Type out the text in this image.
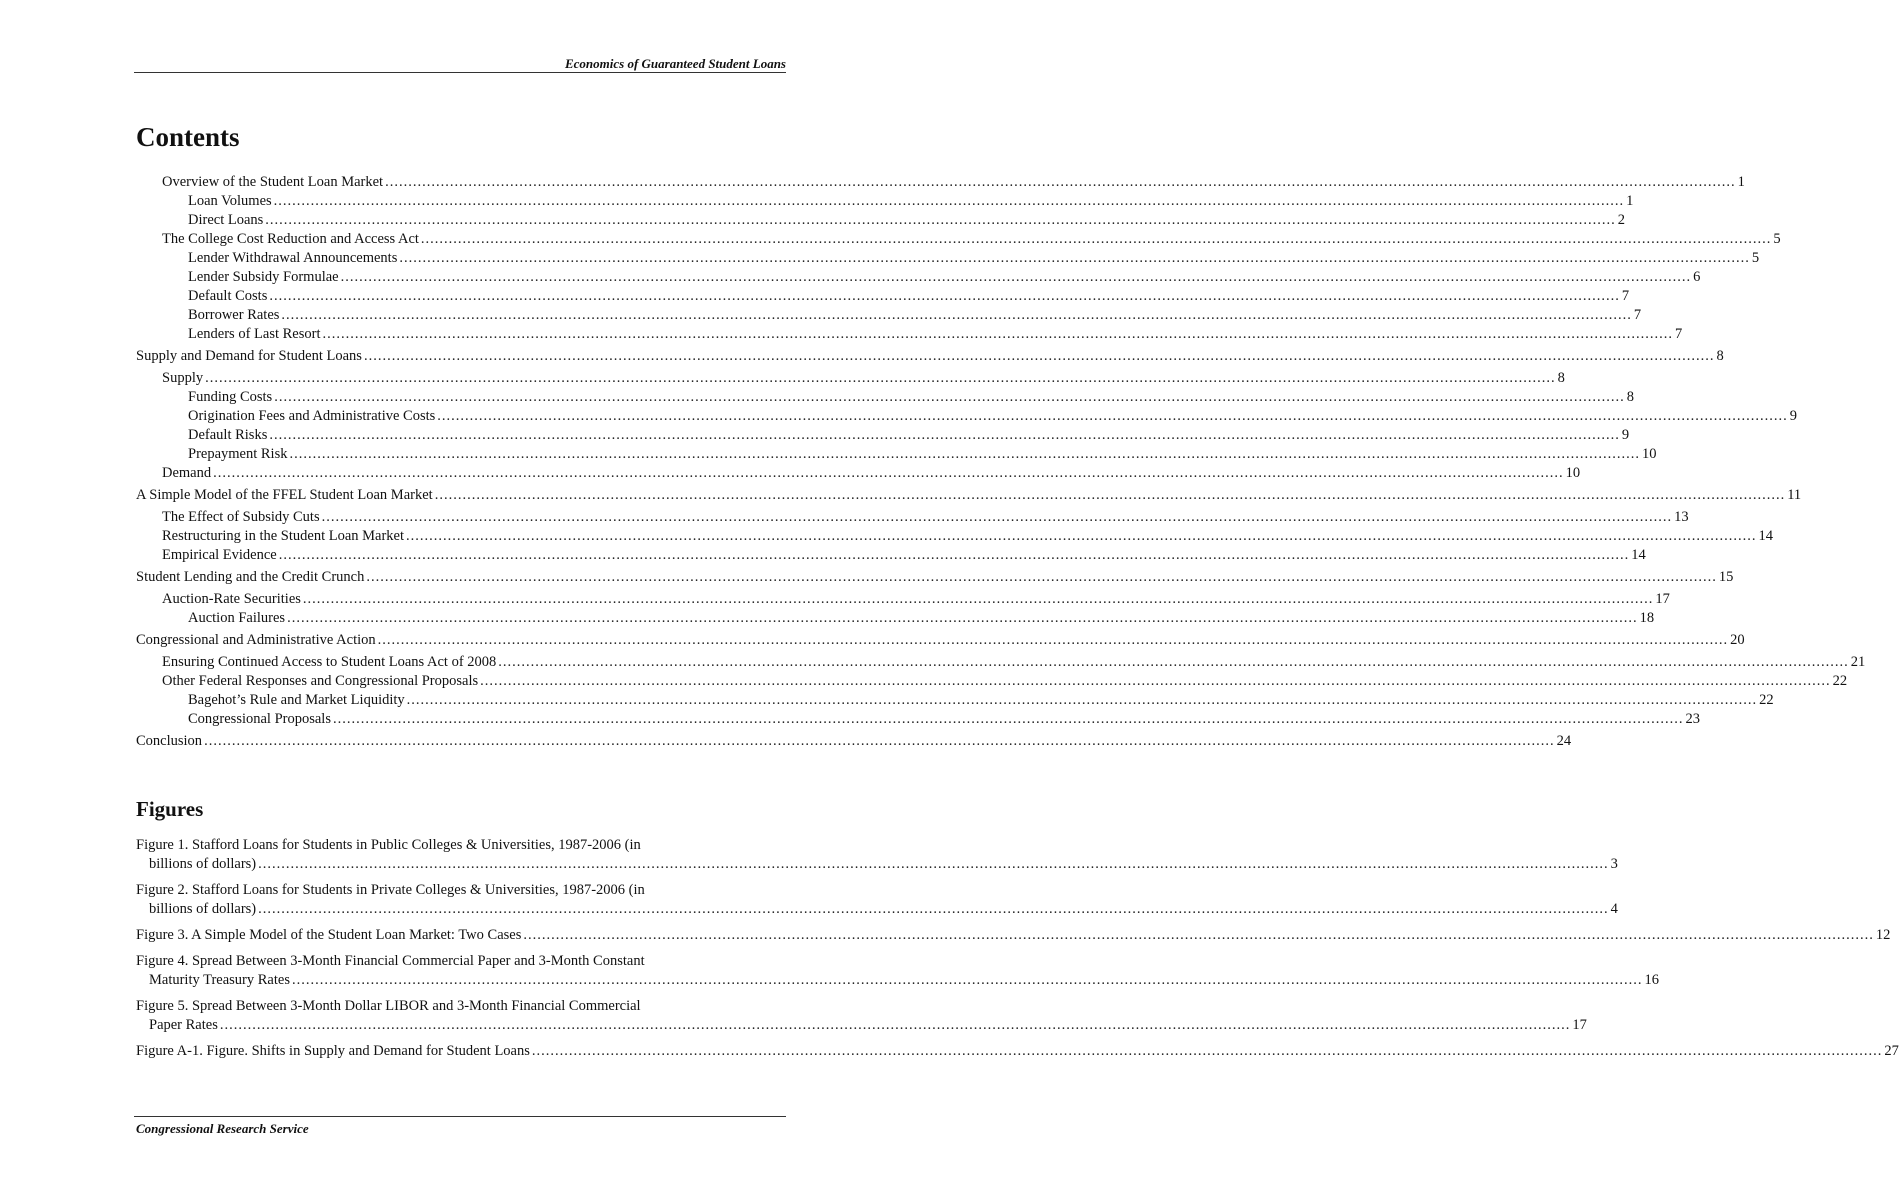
Economics of Guaranteed Student Loans
Contents
Overview of the Student Loan Market .....	1
Loan Volumes .....	1
Direct Loans .....	2
The College Cost Reduction and Access Act .....	5
Lender Withdrawal Announcements .....	5
Lender Subsidy Formulae .....	6
Default Costs .....	7
Borrower Rates .....	7
Lenders of Last Resort .....	7
Supply and Demand for Student Loans .....	8
Supply .....	8
Funding Costs .....	8
Origination Fees and Administrative Costs .....	9
Default Risks .....	9
Prepayment Risk .....	10
Demand .....	10
A Simple Model of the FFEL Student Loan Market .....	11
The Effect of Subsidy Cuts .....	13
Restructuring in the Student Loan Market .....	14
Empirical Evidence .....	14
Student Lending and the Credit Crunch .....	15
Auction-Rate Securities .....	17
Auction Failures .....	18
Congressional and Administrative Action .....	20
Ensuring Continued Access to Student Loans Act of 2008 .....	21
Other Federal Responses and Congressional Proposals .....	22
Bagehot’s Rule and Market Liquidity .....	22
Congressional Proposals .....	23
Conclusion .....	24
Figures
Figure 1. Stafford Loans for Students in Public Colleges & Universities, 1987-2006 (in
billions of dollars) .....	3
Figure 2. Stafford Loans for Students in Private Colleges & Universities, 1987-2006 (in
billions of dollars) .....	4
Figure 3. A Simple Model of the Student Loan Market: Two Cases .....	12
Figure 4. Spread Between 3-Month Financial Commercial Paper and 3-Month Constant
Maturity Treasury Rates .....	16
Figure 5. Spread Between 3-Month Dollar LIBOR and 3-Month Financial Commercial
Paper Rates .....	17
Figure A-1. Figure. Shifts in Supply and Demand for Student Loans .....	27
Congressional Research Service
